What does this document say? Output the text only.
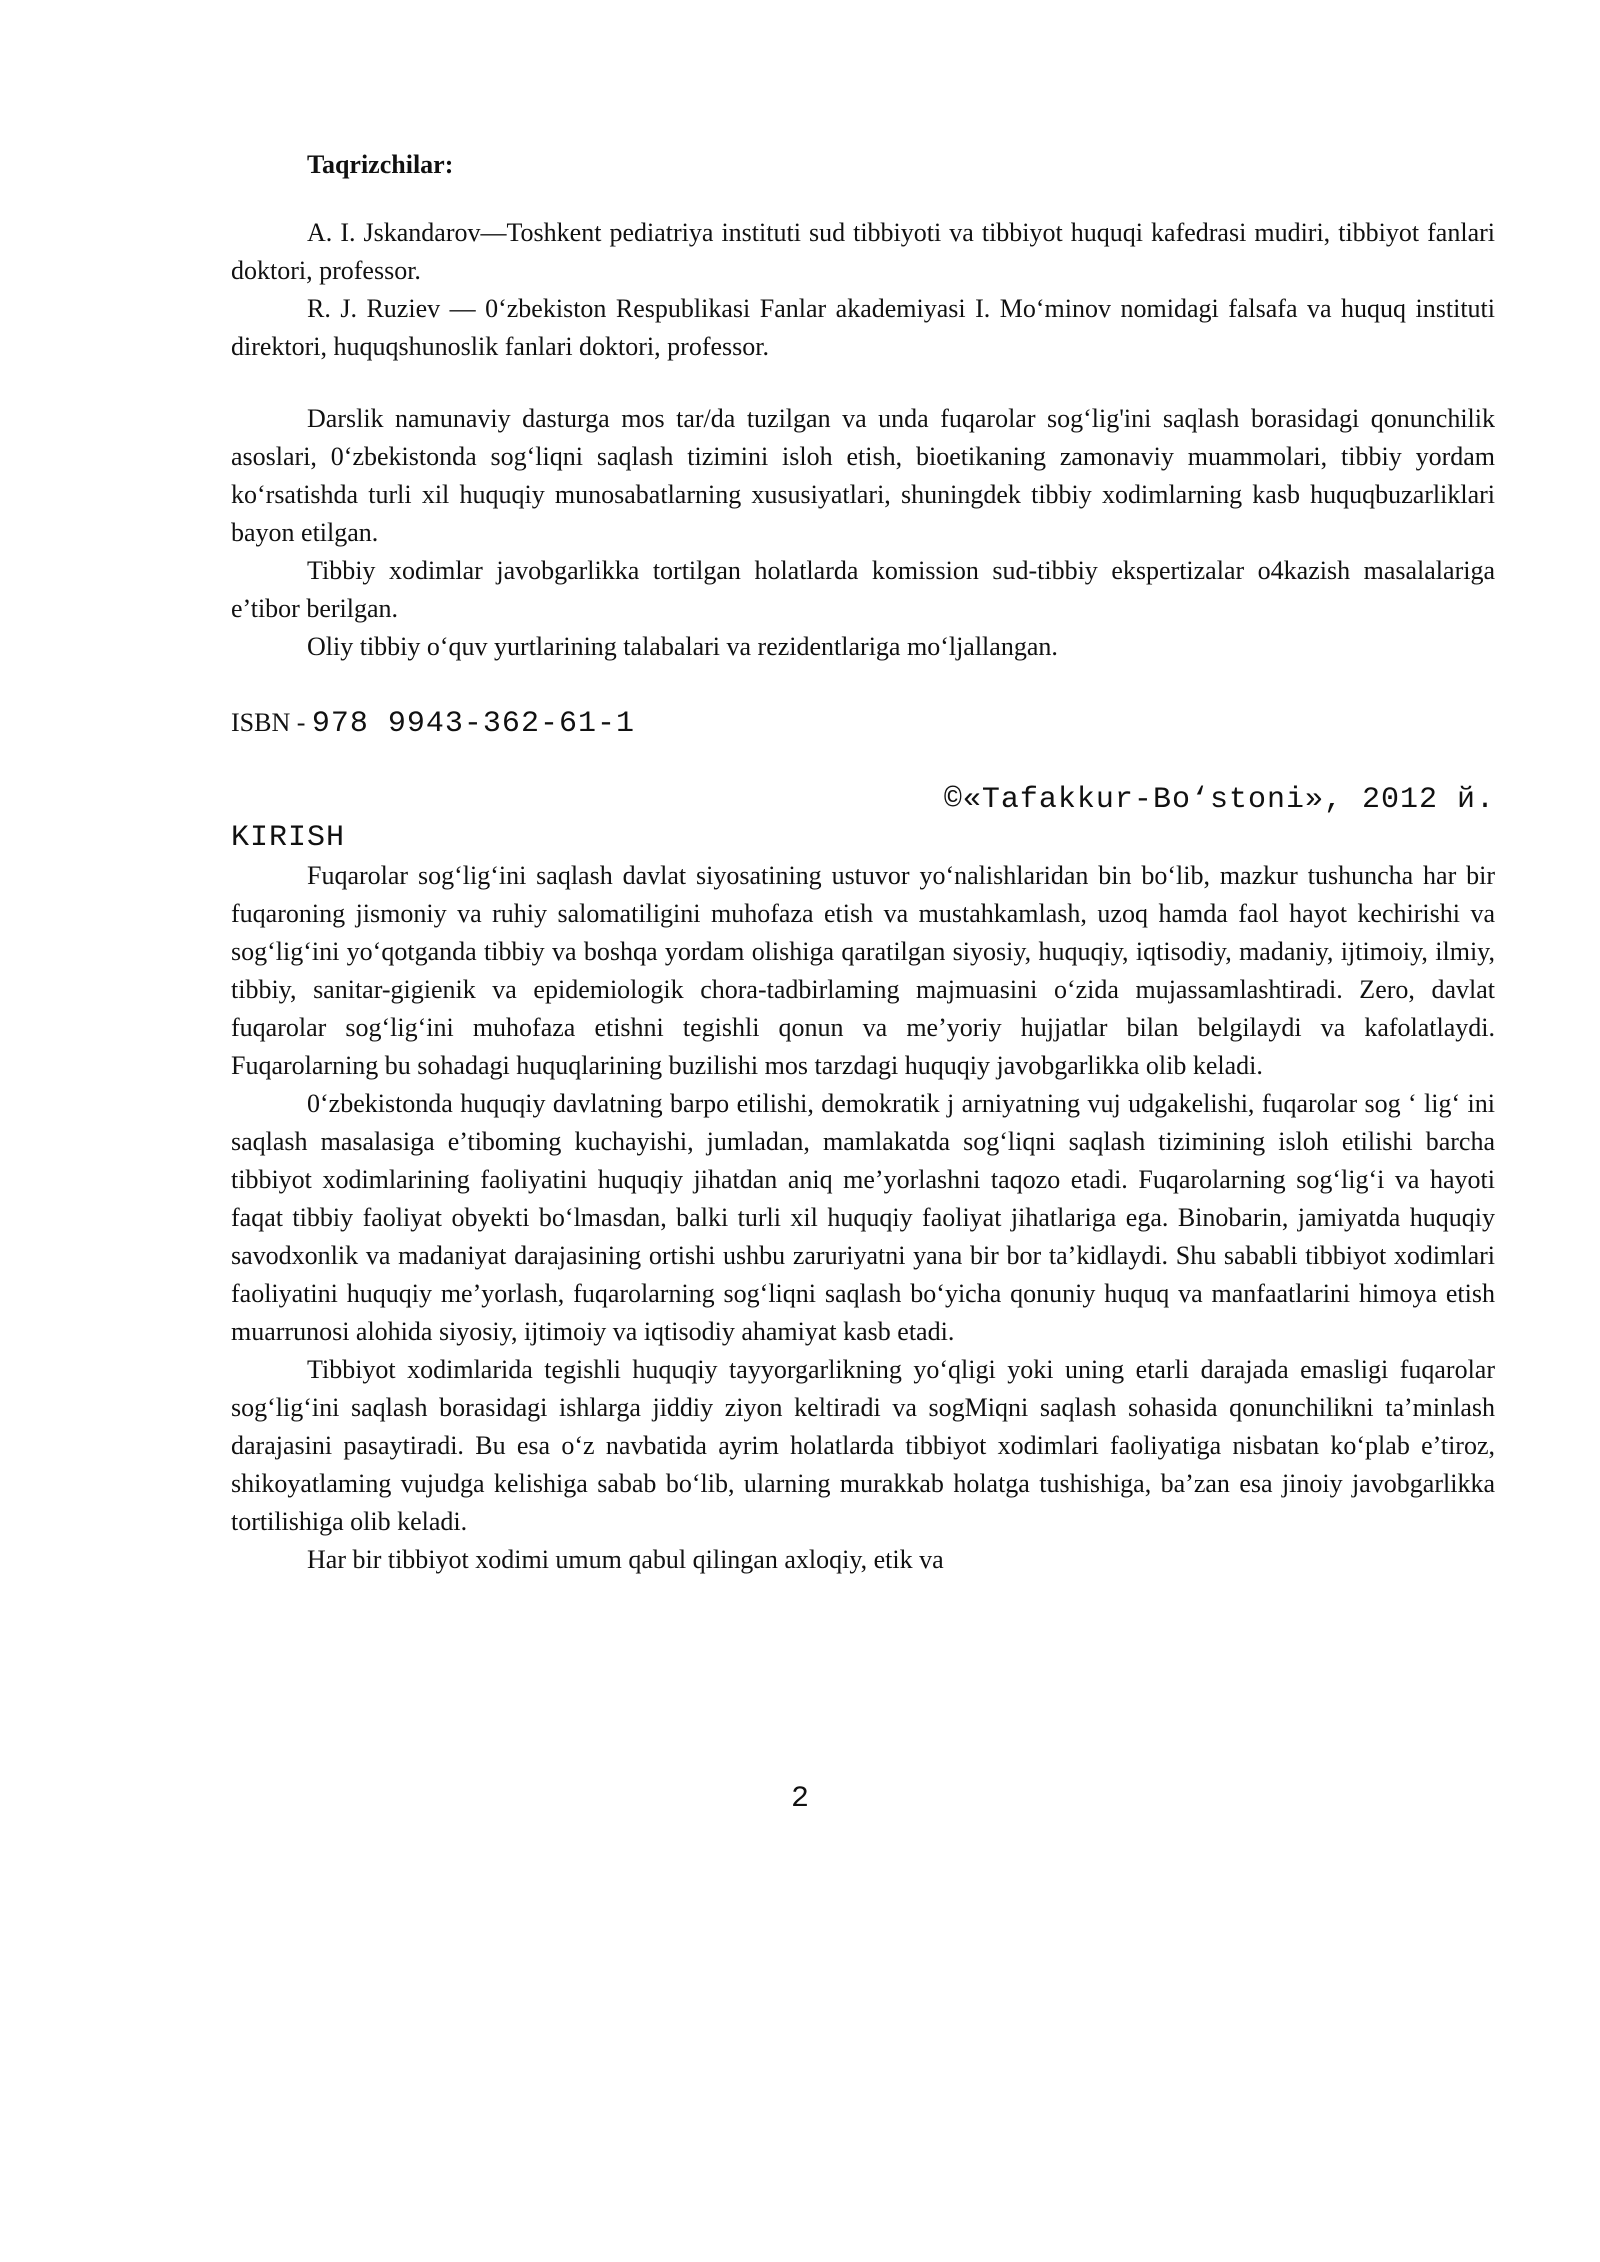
Taqrizchilar:

A. I. Jskandarov—Toshkent pediatriya instituti sud tibbiyoti va tibbiyot huquqi kafedrasi mudiri, tibbiyot fanlari doktori, professor.

R. J. Ruziev — 0‘zbekiston Respublikasi Fanlar akademiyasi I. Mo‘minov nomidagi falsafa va huquq instituti direktori, huquqshunoslik fanlari doktori, professor.

Darslik namunaviy dasturga mos tar/da tuzilgan va unda fuqarolar sog‘lig'ini saqlash borasidagi qonunchilik asoslari, 0‘zbekistonda sog‘liqni saqlash tizimini isloh etish, bioetikaning zamonaviy muammolari, tibbiy yordam ko‘rsatishda turli xil huquqiy munosabatlarning xususiyatlari, shuningdek tibbiy xodimlarning kasb huquqbuzarliklari bayon etilgan.

Tibbiy xodimlar javobgarlikka tortilgan holatlarda komission sud-tibbiy ekspertizalar o4kazish masalalariga e’tibor berilgan.

Oliy tibbiy o‘quv yurtlarining talabalari va rezidentlariga mo‘ljallangan.

ISBN - 978 9943-362-61-1
©«Tafakkur-Bo‘stoni», 2012 й.
KIRISH

Fuqarolar sog‘lig‘ini saqlash davlat siyosatining ustuvor yo‘nalishlaridan bin bo‘lib, mazkur tushuncha har bir fuqaroning jismoniy va ruhiy salomatiligini muhofaza etish va mustahkamlash, uzoq hamda faol hayot kechirishi va sog‘lig‘ini yo‘qotganda tibbiy va boshqa yordam olishiga qaratilgan siyosiy, huquqiy, iqtisodiy, madaniy, ijtimoiy, ilmiy, tibbiy, sanitar-gigienik va epidemiologik chora-tadbirlaming majmuasini o‘zida mujassamlashtiradi. Zero, davlat fuqarolar sog‘lig‘ini muhofaza etishni tegishli qonun va me’yoriy hujjatlar bilan belgilaydi va kafolatlaydi. Fuqarolarning bu sohadagi huquqlarining buzilishi mos tarzdagi huquqiy javobgarlikka olib keladi.

0‘zbekistonda huquqiy davlatning barpo etilishi, demokratik j arniyatning vuj udgakelishi, fuqarolar sog ‘ lig‘ ini saqlash masalasiga e’tiboming kuchayishi, jumladan, mamlakatda sog‘liqni saqlash tizimining isloh etilishi barcha tibbiyot xodimlarining faoliyatini huquqiy jihatdan aniq me’yorlashni taqozo etadi. Fuqarolarning sog‘lig‘i va hayoti faqat tibbiy faoliyat obyekti bo‘lmasdan, balki turli xil huquqiy faoliyat jihatlariga ega. Binobarin, jamiyatda huquqiy savodxonlik va madaniyat darajasining ortishi ushbu zaruriyatni yana bir bor ta’kidlaydi. Shu sababli tibbiyot xodimlari faoliyatini huquqiy me’yorlash, fuqarolarning sog‘liqni saqlash bo‘yicha qonuniy huquq va manfaatlarini himoya etish muarrunosi alohida siyosiy, ijtimoiy va iqtisodiy ahamiyat kasb etadi.

Tibbiyot xodimlarida tegishli huquqiy tayyorgarlikning yo‘qligi yoki uning etarli darajada emasligi fuqarolar sog‘lig‘ini saqlash borasidagi ishlarga jiddiy ziyon keltiradi va sogMiqni saqlash sohasida qonunchilikni ta’minlash darajasini pasaytiradi. Bu esa o‘z navbatida ayrim holatlarda tibbiyot xodimlari faoliyatiga nisbatan ko‘plab e’tiroz, shikoyatlaming vujudga kelishiga sabab bo‘lib, ularning murakkab holatga tushishiga, ba’zan esa jinoiy javobgarlikka tortilishiga olib keladi.

Har bir tibbiyot xodimi umum qabul qilingan axloqiy, etik va

2
